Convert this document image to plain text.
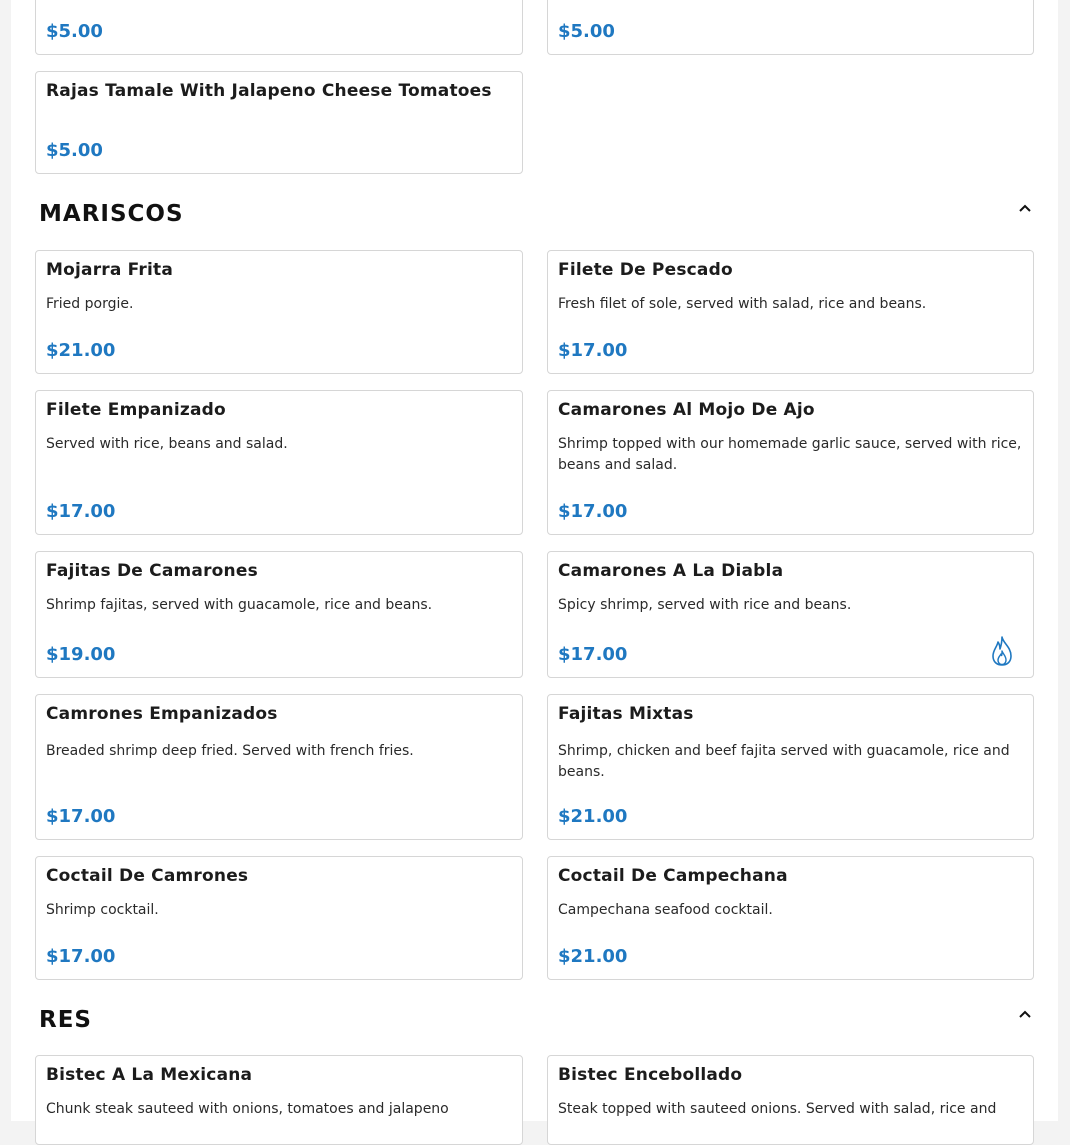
$5.00	$5.00
Rajas Tamale With Jalapeno Cheese Tomatoes
$5.00
MARISCOS
Mojarra Frita
Fried porgie.
$21.00
Filete De Pescado
Fresh filet of sole, served with salad, rice and beans.
$17.00
Filete Empanizado
Served with rice, beans and salad.
$17.00
Camarones Al Mojo De Ajo
Shrimp topped with our homemade garlic sauce, served with rice, beans and salad.
$17.00
Fajitas De Camarones
Shrimp fajitas, served with guacamole, rice and beans.
$19.00
Camarones A La Diabla
Spicy shrimp, served with rice and beans.
$17.00
Camrones Empanizados
Breaded shrimp deep fried. Served with french fries.
$17.00
Fajitas Mixtas
Shrimp, chicken and beef fajita served with guacamole, rice and beans.
$21.00
Coctail De Camrones
Shrimp cocktail.
$17.00
Coctail De Campechana
Campechana seafood cocktail.
$21.00
RES
Bistec A La Mexicana
Chunk steak sauteed with onions, tomatoes and jalapeno
Bistec Encebollado
Steak topped with sauteed onions. Served with salad, rice and
